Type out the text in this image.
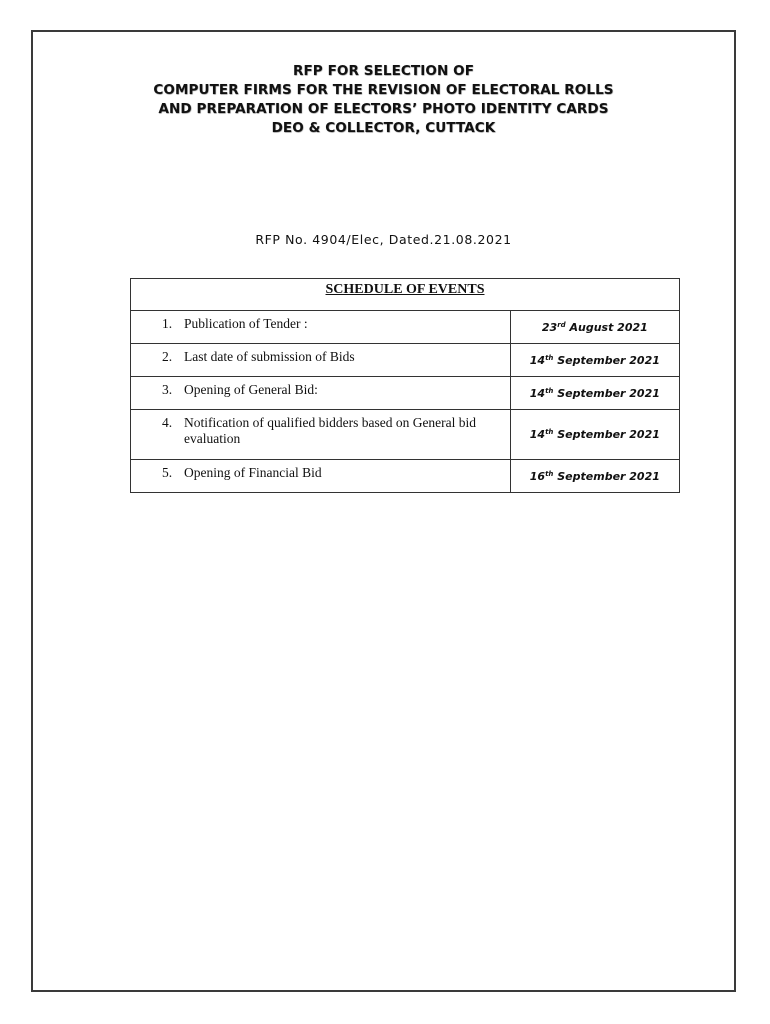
RFP FOR SELECTION OF
COMPUTER FIRMS FOR THE REVISION OF ELECTORAL ROLLS
AND PREPARATION OF ELECTORS’ PHOTO IDENTITY CARDS
DEO & COLLECTOR, CUTTACK
RFP No. 4904/Elec, Dated.21.08.2021
SCHEDULE OF EVENTS	

1. Publication of Tender :	23rd August 2021

2. Last date of submission of Bids	14th September 2021

3. Opening of General Bid:	14th September 2021

4. Notification of qualified bidders based on General bid evaluation	14th September 2021

5. Opening of Financial Bid	16th September 2021
